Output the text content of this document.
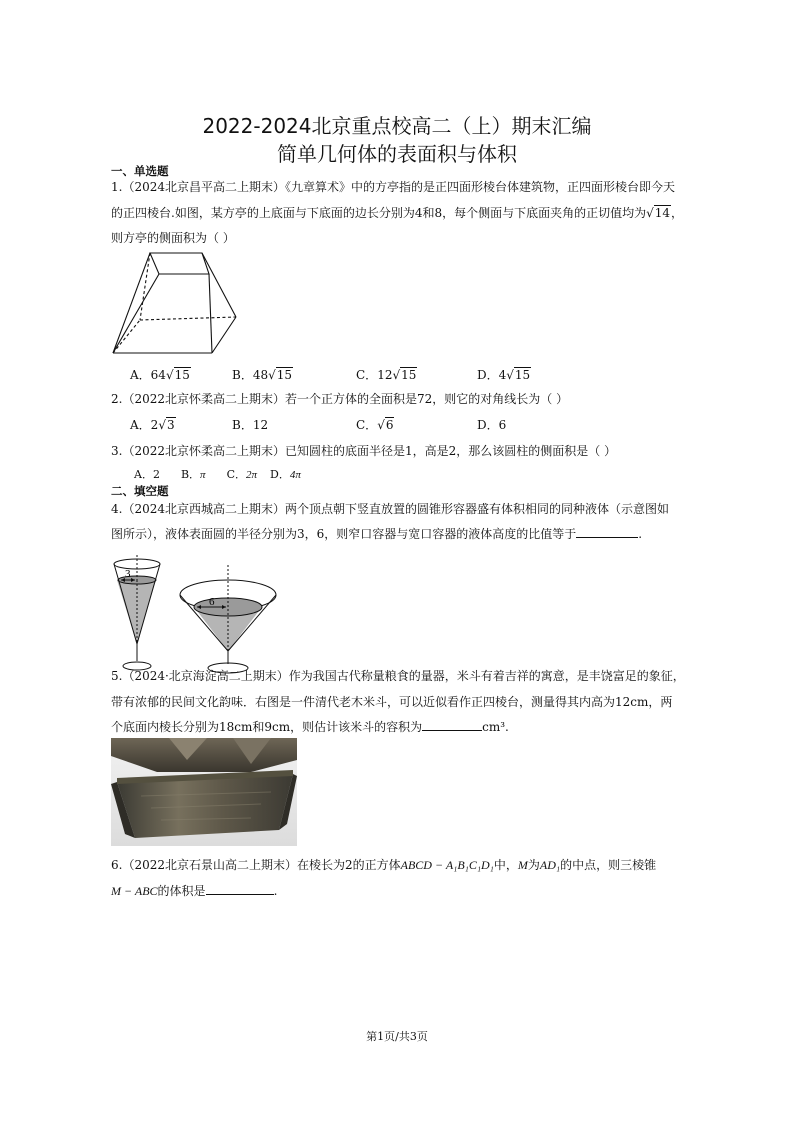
2022-2024北京重点校高二（上）期末汇编
简单几何体的表面积与体积
一、单选题
1.（2024北京昌平高二上期末）《九章算术》中的方亭指的是正四面形棱台体建筑物，正四面形棱台即今天
的正四棱台.如图，某方亭的上底面与下底面的边长分别为4和8，每个侧面与下底面夹角的正切值均为√14，
则方亭的侧面积为（ ）
A．64√15	B．48√15	C．12√15	D．4√15
2.（2022北京怀柔高二上期末）若一个正方体的全面积是72，则它的对角线长为（ ）
A．2√3	B．12	C．√6	D．6
3.（2022北京怀柔高二上期末）已知圆柱的底面半径是1，高是2，那么该圆柱的侧面积是（ ）
A．2 B．π C．2π D．4π
二、填空题
4.（2024北京西城高二上期末）两个顶点朝下竖直放置的圆锥形容器盛有体积相同的同种液体（示意图如
图所示），液体表面圆的半径分别为3，6，则窄口容器与宽口容器的液体高度的比值等于	.
3
6
5.（2024·北京海淀高二上期末）作为我国古代称量粮食的量器，米斗有着吉祥的寓意，是丰饶富足的象征，
带有浓郁的民间文化韵味．右图是一件清代老木米斗，可以近似看作正四棱台，测量得其内高为12cm，两
个底面内棱长分别为18cm和9cm，则估计该米斗的容积为	cm³.
6.（2022北京石景山高二上期末）在棱长为2的正方体ABCD − A₁B₁C₁D₁中，M为AD₁的中点，则三棱锥
M − ABC的体积是	.
第1页/共3页
